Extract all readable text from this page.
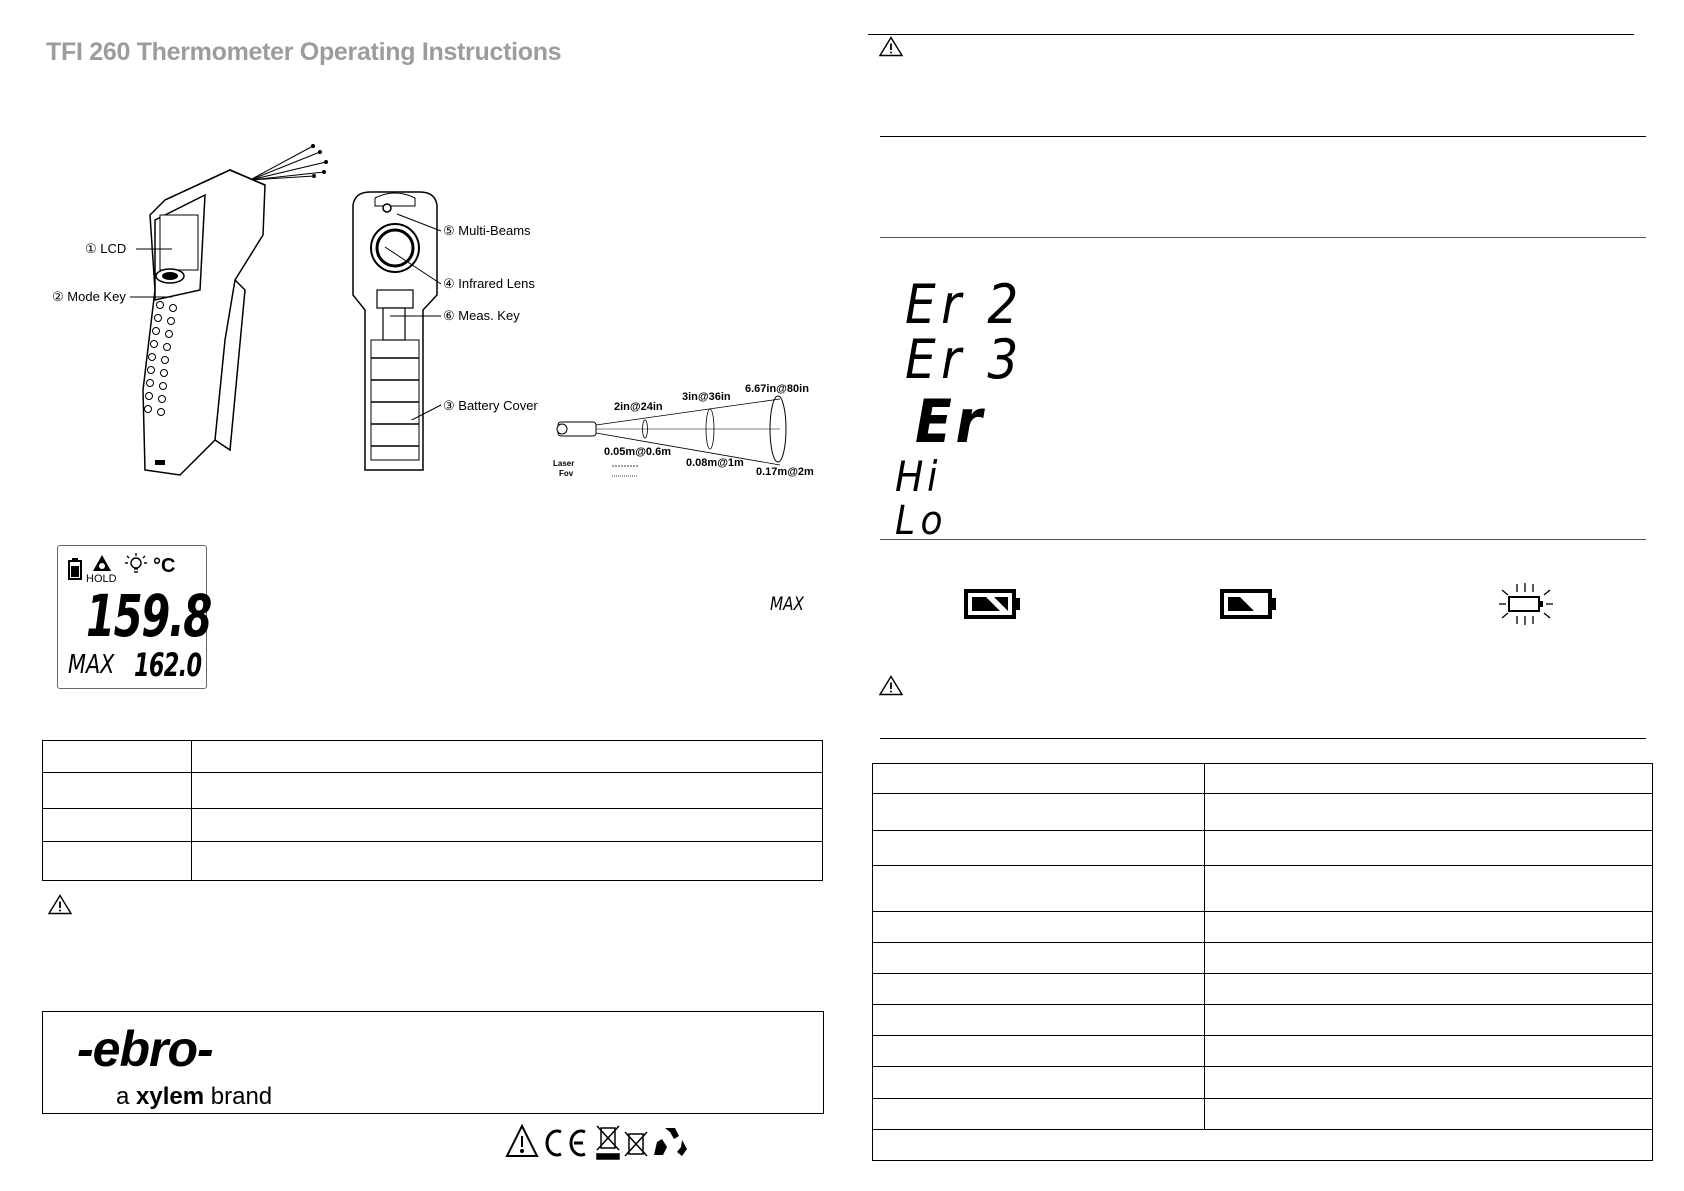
TFI 260 Thermometer Operating Instructions
① LCD
② Mode Key
⑤ Multi-Beams
④ Infrared Lens
⑥ Meas. Key
③ Battery Cover	2in@24in
3in@36in
6.67in@80in
0.05m@0.6m
0.08m@1m
0.17m@2m
Laser
Fov
HOLD
°C
159.8
MAX 162.0
MAX

-ebro-
a xylem brand
Er 2
Er 3
Er
Hi
Lo
